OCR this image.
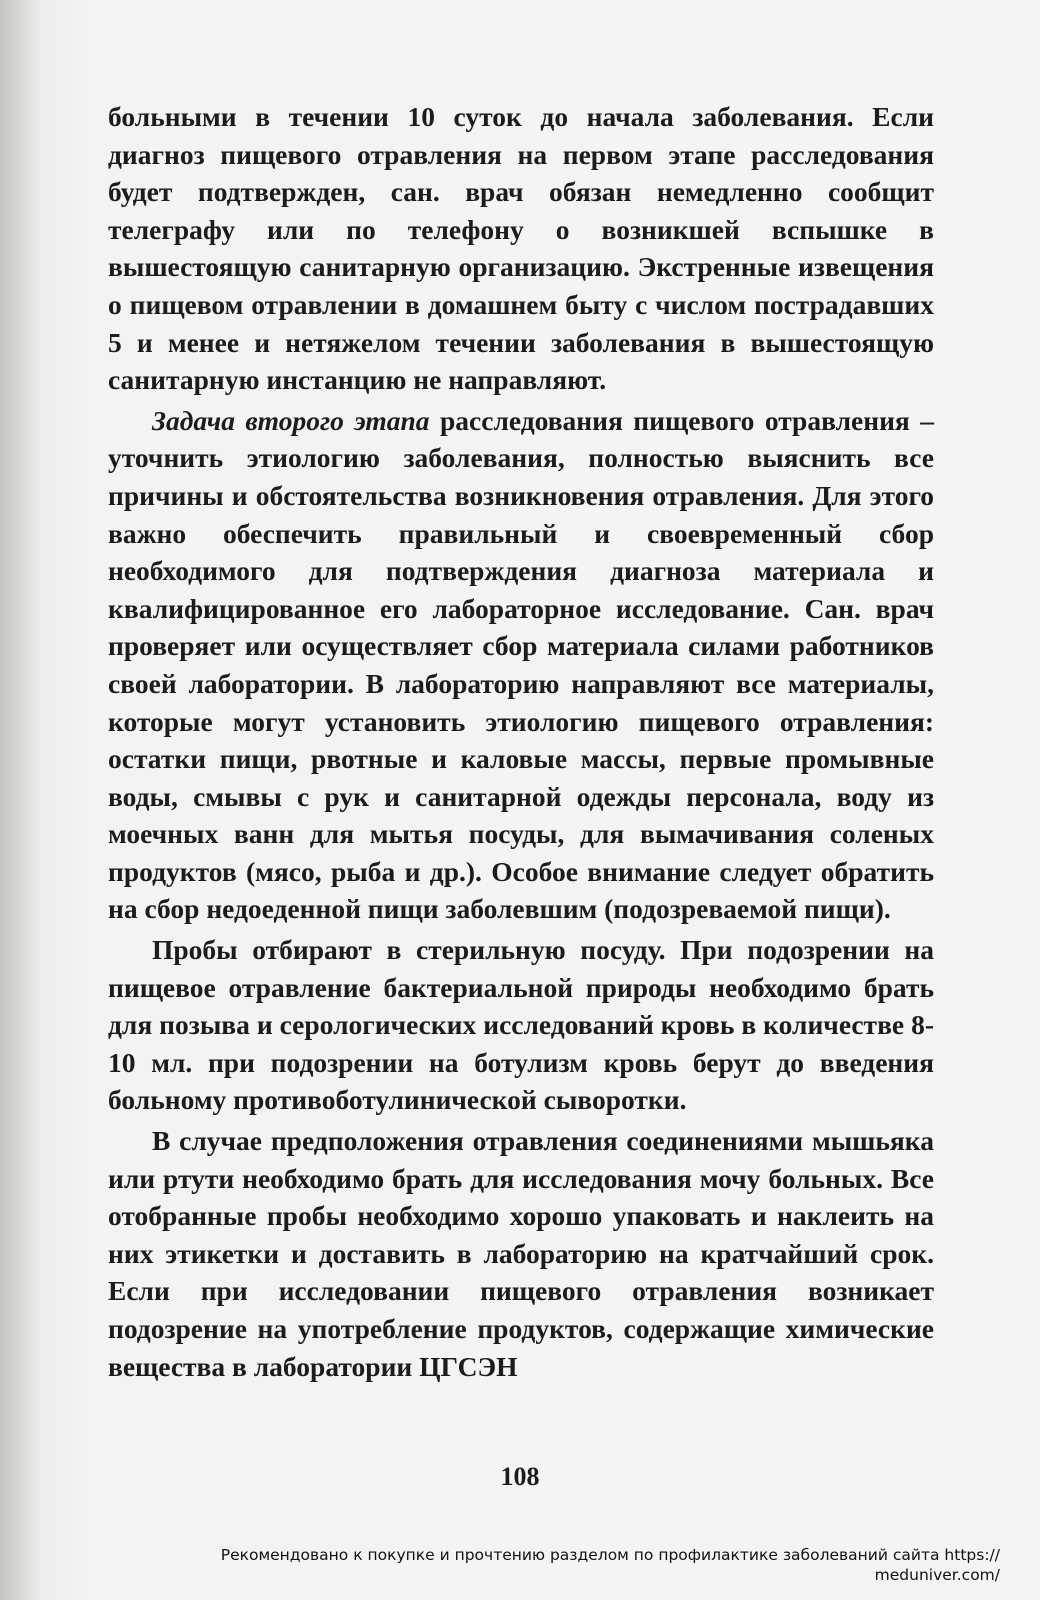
больными в течении 10 суток до начала заболевания. Если диагноз пищевого отравления на первом этапе расследования будет подтвержден, сан. врач обязан немедленно сообщит телеграфу или по телефону о возникшей вспышке в вышестоящую санитарную организацию. Экстренные извещения о пищевом отравлении в домашнем быту с числом пострадавших 5 и менее и нетяжелом течении заболевания в вышестоящую санитарную инстанцию не направляют.

Задача второго этапа расследования пищевого отравления – уточнить этиологию заболевания, полностью выяснить все причины и обстоятельства возникновения отравления. Для этого важно обеспечить правильный и своевременный сбор необходимого для подтверждения диагноза материала и квалифицированное его лабораторное исследование. Сан. врач проверяет или осуществляет сбор материала силами работников своей лаборатории. В лабораторию направляют все материалы, которые могут установить этиологию пищевого отравления: остатки пищи, рвотные и каловые массы, первые промывные воды, смывы с рук и санитарной одежды персонала, воду из моечных ванн для мытья посуды, для вымачивания соленых продуктов (мясо, рыба и др.). Особое внимание следует обратить на сбор недоеденной пищи заболевшим (подозреваемой пищи).

Пробы отбирают в стерильную посуду. При подозрении на пищевое отравление бактериальной природы необходимо брать для позыва и серологических исследований кровь в количестве 8-10 мл. при подозрении на ботулизм кровь берут до введения больному противоботулинической сыворотки.

В случае предположения отравления соединениями мышьяка или ртути необходимо брать для исследования мочу больных. Все отобранные пробы необходимо хорошо упаковать и наклеить на них этикетки и доставить в лабораторию на кратчайший срок. Если при исследовании пищевого отравления возникает подозрение на употребление продуктов, содержащие химические вещества в лаборатории ЦГСЭН

108
Рекомендовано к покупке и прочтению разделом по профилактике заболеваний сайта https:// meduniver.com/
